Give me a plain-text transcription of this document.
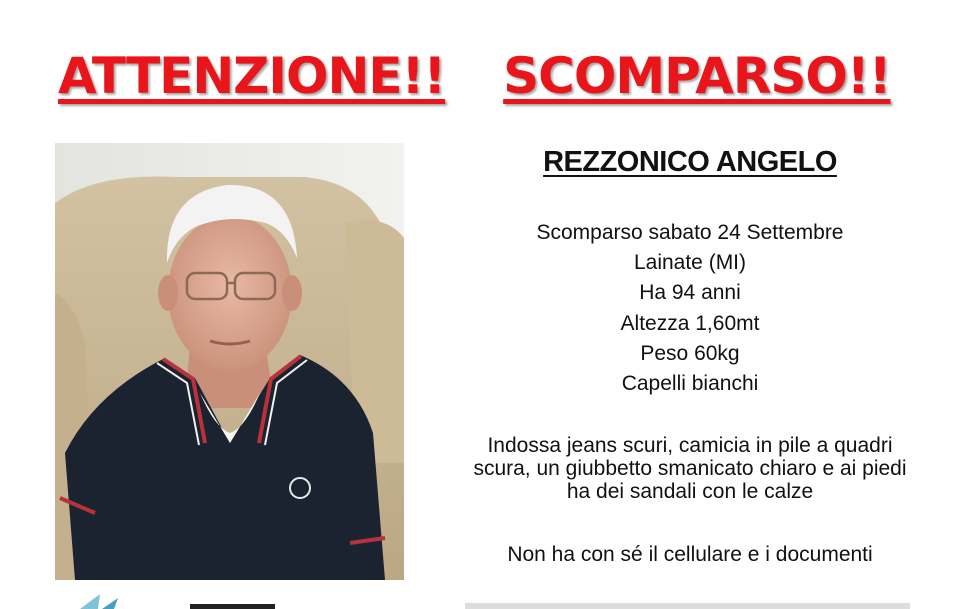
ATTENZIONE!! SCOMPARSO!!
REZZONICO ANGELO
Scomparso sabato 24 Settembre
Lainate (MI)
Ha 94 anni
Altezza 1,60mt
Peso 60kg
Capelli bianchi
Indossa jeans scuri, camicia in pile a quadri
scura, un giubbetto smanicato chiaro e ai piedi
ha dei sandali con le calze
Non ha con sé il cellulare e i documenti
